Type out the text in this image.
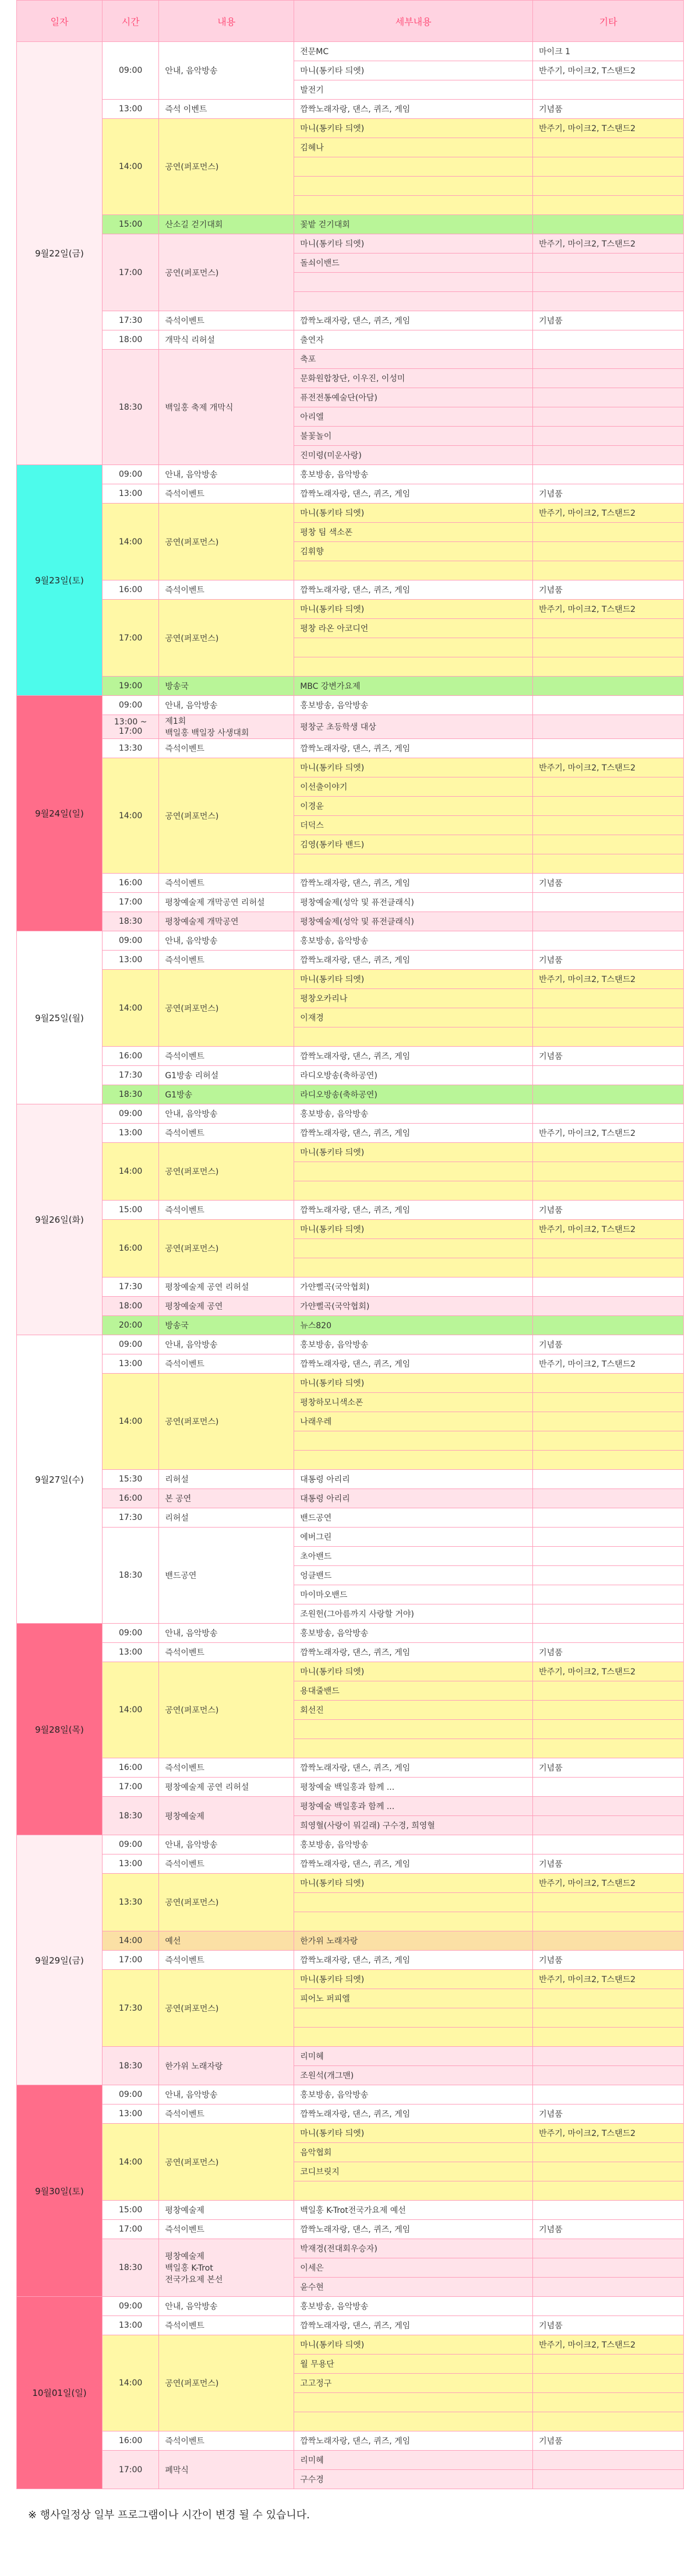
일자	시간	내용	세부내용	기타
9월22일(금)	09:00	안내, 음악방송	전문MC	마이크 1
			마니(통키타 듸엣)	반주기, 마이크2, T스탠드2
			발전기	
	13:00	즉석 이벤트	깜짝노래자랑, 댄스, 퀴즈, 게임	기념품
	14:00	공연(퍼포먼스)	마니(통키타 듸엣)	반주기, 마이크2, T스탠드2
			김혜나	

	15:00	산소길 걷기대회	꽃밭 걷기대회	
	17:00	공연(퍼포먼스)	마니(통키타 듸엣)	반주기, 마이크2, T스탠드2
			돌쇠이밴드	

	17:30	즉석이벤트	깜짝노래자랑, 댄스, 퀴즈, 게임	기념품
	18:00	개막식 리허설	출연자	
	18:30	백일홍 축제 개막식	축포	
			문화원합창단, 이우진, 이성미	
			퓨전전통예술단(아담)	
			아리엘	
			불꽃놀이	
			진미령(미운사랑)	
9월23일(토)	09:00	안내, 음악방송	홍보방송, 음악방송	
	13:00	즉석이벤트	깜짝노래자랑, 댄스, 퀴즈, 게임	기념품
	14:00	공연(퍼포먼스)	마니(통키타 듸엣)	반주기, 마이크2, T스탠드2
			평창 팀 색소폰	
			김휘향	

	16:00	즉석이벤트	깜짝노래자랑, 댄스, 퀴즈, 게임	기념품
	17:00	공연(퍼포먼스)	마니(통키타 듸엣)	반주기, 마이크2, T스탠드2
			평창 라온 아코디언	

	19:00	방송국	MBC 강변가요제	
9월24일(일)	09:00	안내, 음악방송	홍보방송, 음악방송	
	13:00 ~ 17:00	제1회
백일홍 백일장 사생대회	평창군 초등학생 대상	
	13:30	즉석이벤트	깜짝노래자랑, 댄스, 퀴즈, 게임	
	14:00	공연(퍼포먼스)	마니(통키타 듸엣)	반주기, 마이크2, T스탠드2
			이선출이야기	
			이경윤	
			더덕스	
			김영(통키타 밴드)	

	16:00	즉석이벤트	깜짝노래자랑, 댄스, 퀴즈, 게임	기념품
	17:00	평창예술제 개막공연 리허설	평창예술제(성악 및 퓨전클래식)	
	18:30	평창예술제 개막공연	평창예술제(성악 및 퓨전클래식)	
9월25일(월)	09:00	안내, 음악방송	홍보방송, 음악방송	
	13:00	즉석이벤트	깜짝노래자랑, 댄스, 퀴즈, 게임	기념품
	14:00	공연(퍼포먼스)	마니(통키타 듸엣)	반주기, 마이크2, T스탠드2
			평창오카리나	
			이재경	

	16:00	즉석이벤트	깜짝노래자랑, 댄스, 퀴즈, 게임	기념품
	17:30	G1방송 리허설	라디오방송(축하공연)	
	18:30	G1방송	라디오방송(축하공연)	
9월26일(화)	09:00	안내, 음악방송	홍보방송, 음악방송	
	13:00	즉석이벤트	깜짝노래자랑, 댄스, 퀴즈, 게임	반주기, 마이크2, T스탠드2
	14:00	공연(퍼포먼스)	마니(통키타 듸엣)	

	15:00	즉석이벤트	깜짝노래자랑, 댄스, 퀴즈, 게임	기념품
	16:00	공연(퍼포먼스)	마니(통키타 듸엣)	반주기, 마이크2, T스탠드2

	17:30	평창예술제 공연 리허설	가얀뻘곡(국악협회)	
	18:00	평창예술제 공연	가얀뻘곡(국악협회)	
	20:00	방송국	뉴스820	
9월27일(수)	09:00	안내, 음악방송	홍보방송, 음악방송	기념품
	13:00	즉석이벤트	깜짝노래자랑, 댄스, 퀴즈, 게임	반주기, 마이크2, T스탠드2
	14:00	공연(퍼포먼스)	마니(통키타 듸엣)	
			평창하모니색소폰	
			나래우레	

	15:30	리허설	대통령 아리리	
	16:00	본 공연	대통령 아리리	
	17:30	리허설	밴드공연	
	18:30	밴드공연	에버그린	
			초아밴드	
			엉클밴드	
			마이마오밴드	
			조원헌(그아름까지 사랑할 거야)	
9월28일(목)	09:00	안내, 음악방송	홍보방송, 음악방송	
	13:00	즉석이벤트	깜짝노래자랑, 댄스, 퀴즈, 게임	기념품
	14:00	공연(퍼포먼스)	마니(통키타 듸엣)	반주기, 마이크2, T스탠드2
			용대줄밴드	
			회선진	

	16:00	즉석이벤트	깜짝노래자랑, 댄스, 퀴즈, 게임	기념품
	17:00	평창예술제 공연 리허설	평창예술 백일홍과 함께 ...	
	18:30	평창예술제	평창예술 백일홍과 함께 ...	
			희영혈(사랑이 뭐길래) 구수경, 희영혈	
9월29일(금)	09:00	안내, 음악방송	홍보방송, 음악방송	
	13:00	즉석이벤트	깜짝노래자랑, 댄스, 퀴즈, 게임	기념품
	13:30	공연(퍼포먼스)	마니(통키타 듸엣)	반주기, 마이크2, T스탠드2

	14:00	예선	한가위 노래자랑	
	17:00	즉석이벤트	깜짝노래자랑, 댄스, 퀴즈, 게임	기념품
	17:30	공연(퍼포먼스)	마니(통키타 듸엣)	반주기, 마이크2, T스탠드2
			피어노 퍼피엘	

	18:30	한가위 노래자랑	리미혜	
			조원석(개그맨)	
9월30일(토)	09:00	안내, 음악방송	홍보방송, 음악방송	
	13:00	즉석이벤트	깜짝노래자랑, 댄스, 퀴즈, 게임	기념품
	14:00	공연(퍼포먼스)	마니(통키타 듸엣)	반주기, 마이크2, T스탠드2
			음악협회	
			코디브릿지	

	15:00	평창예술제	백일홍 K-Trot전국가요제 예선	
	17:00	즉석이벤트	깜짝노래자랑, 댄스, 퀴즈, 게임	기념품
	18:30	평창예술제
백일홍 K-Trot
전국가요제 본선	박재경(전대회우승자)	
			이세은	
			윤수현	
10월01일(일)	09:00	안내, 음악방송	홍보방송, 음악방송	
	13:00	즉석이벤트	깜짝노래자랑, 댄스, 퀴즈, 게임	기념품
	14:00	공연(퍼포먼스)	마니(통키타 듸엣)	반주기, 마이크2, T스탠드2
			월 무용단	
			고고정구	

	16:00	즉석이벤트	깜짝노래자랑, 댄스, 퀴즈, 게임	기념품
	17:00	폐막식	리미혜	
			구수경	
※ 행사일정상 일부 프로그램이나 시간이 변경 될 수 있습니다.
